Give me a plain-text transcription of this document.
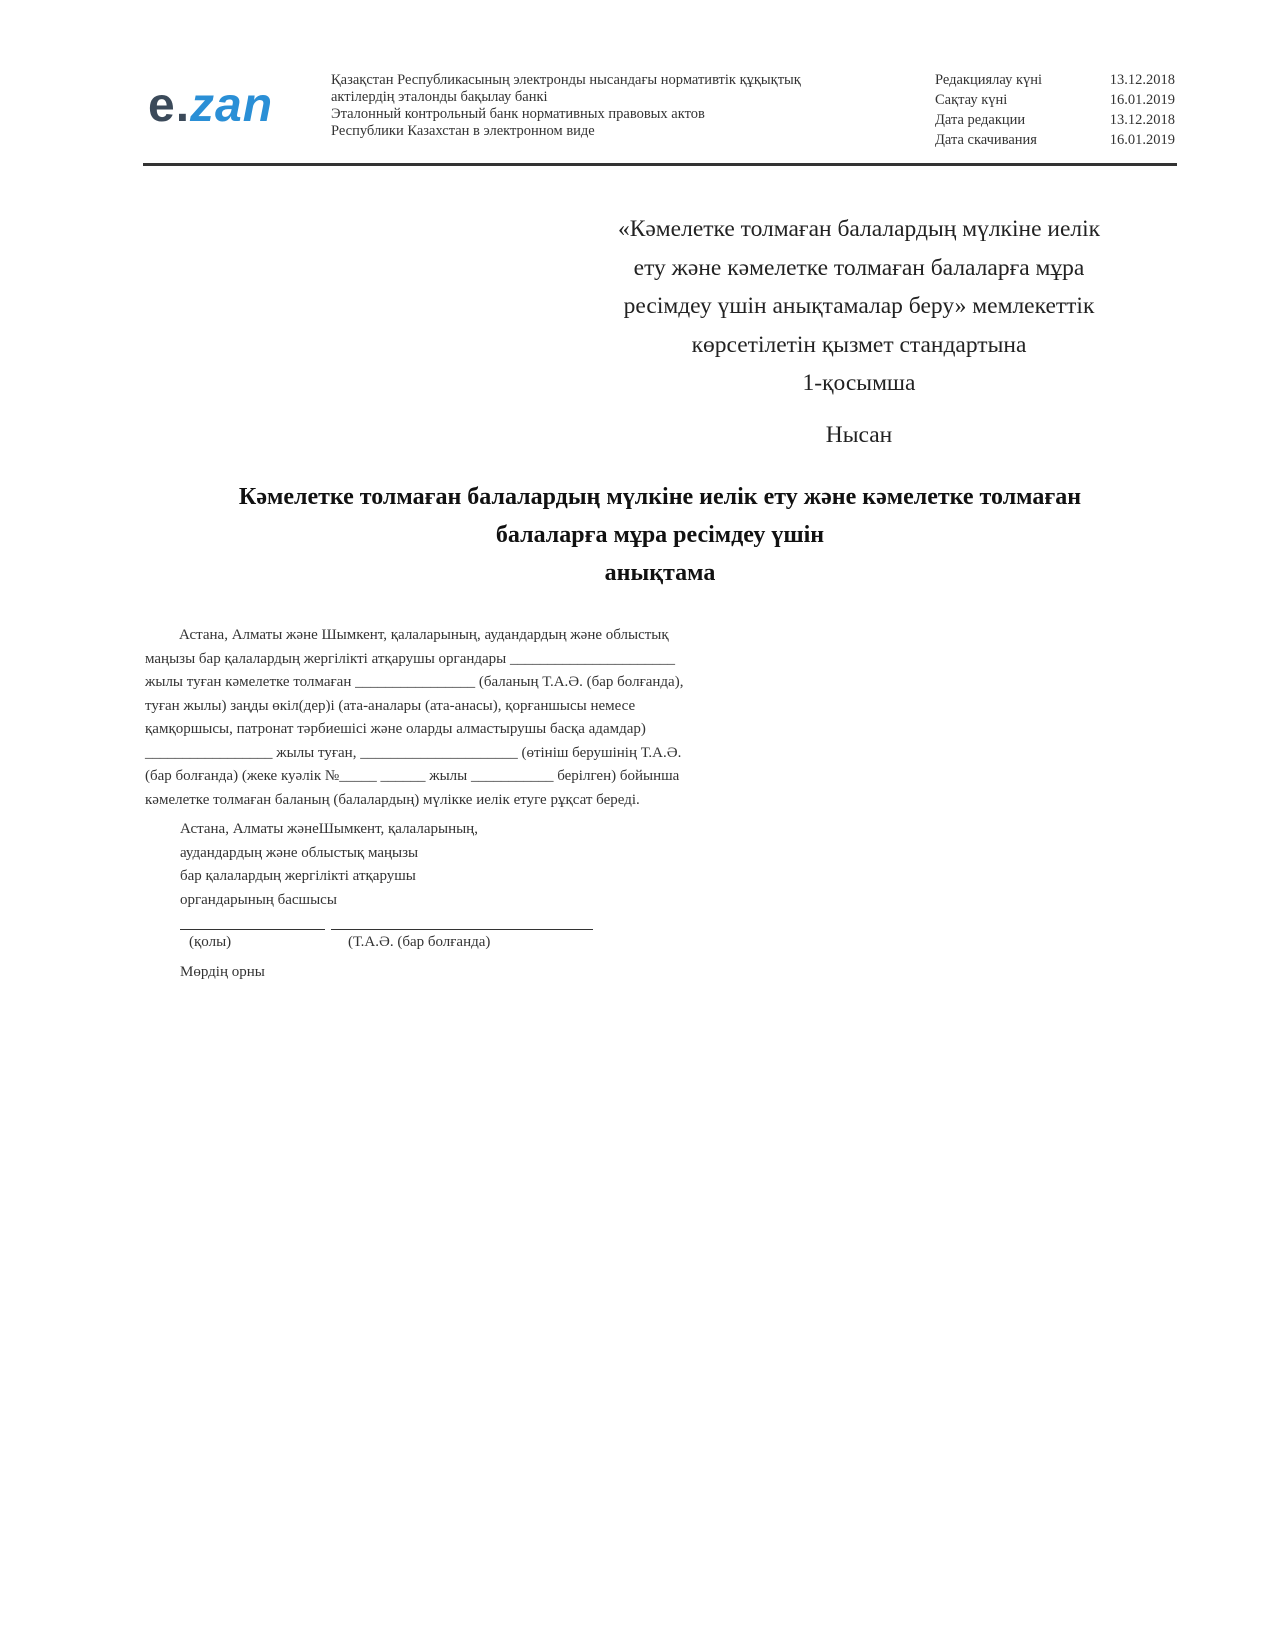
e.zan	Қазақстан Республикасының электронды нысандағы нормативтік құқықтық
актілердің эталонды бақылау банкі
Эталонный контрольный банк нормативных правовых актов
Республики Казахстан в электронном виде
Редакциялау күні	13.12.2018
Сақтау күні	16.01.2019
Дата редакции	13.12.2018
Дата скачивания	16.01.2019
«Кәмелетке толмаған балалардың мүлкіне иелік
ету және кәмелетке толмаған балаларға мұра
ресімдеу үшін анықтамалар беру» мемлекеттік
көрсетілетін қызмет стандартына
1-қосымша
Нысан
Кәмелетке толмаған балалардың мүлкіне иелік ету және кәмелетке толмаған
балаларға мұра ресімдеу үшін
анықтама

Астана, Алматы және Шымкент, қалаларының, аудандардың және облыстық

маңызы бар қалалардың жергілікті атқарушы органдары ______________________

жылы туған кәмелетке толмаған ________________ (баланың Т.А.Ә. (бар болғанда),

туған жылы) заңды өкіл(дер)і (ата-аналары (ата-анасы), қорғаншысы немесе

қамқоршысы, патронат тәрбиешісі және оларды алмастырушы басқа адамдар)

_________________ жылы туған, _____________________ (өтініш берушінің Т.А.Ә.

(бар болғанда) (жеке куәлік №_____ ______ жылы ___________ берілген) бойынша

кәмелетке толмаған баланың (балалардың) мүлікке иелік етуге рұқсат береді.

Астана, Алматы жәнеШымкент, қалаларының,

аудандардың және облыстық маңызы

бар қалалардың жергілікті атқарушы

органдарының басшысы

(қолы)	(Т.А.Ә. (бар болғанда)
Мөрдің орны
